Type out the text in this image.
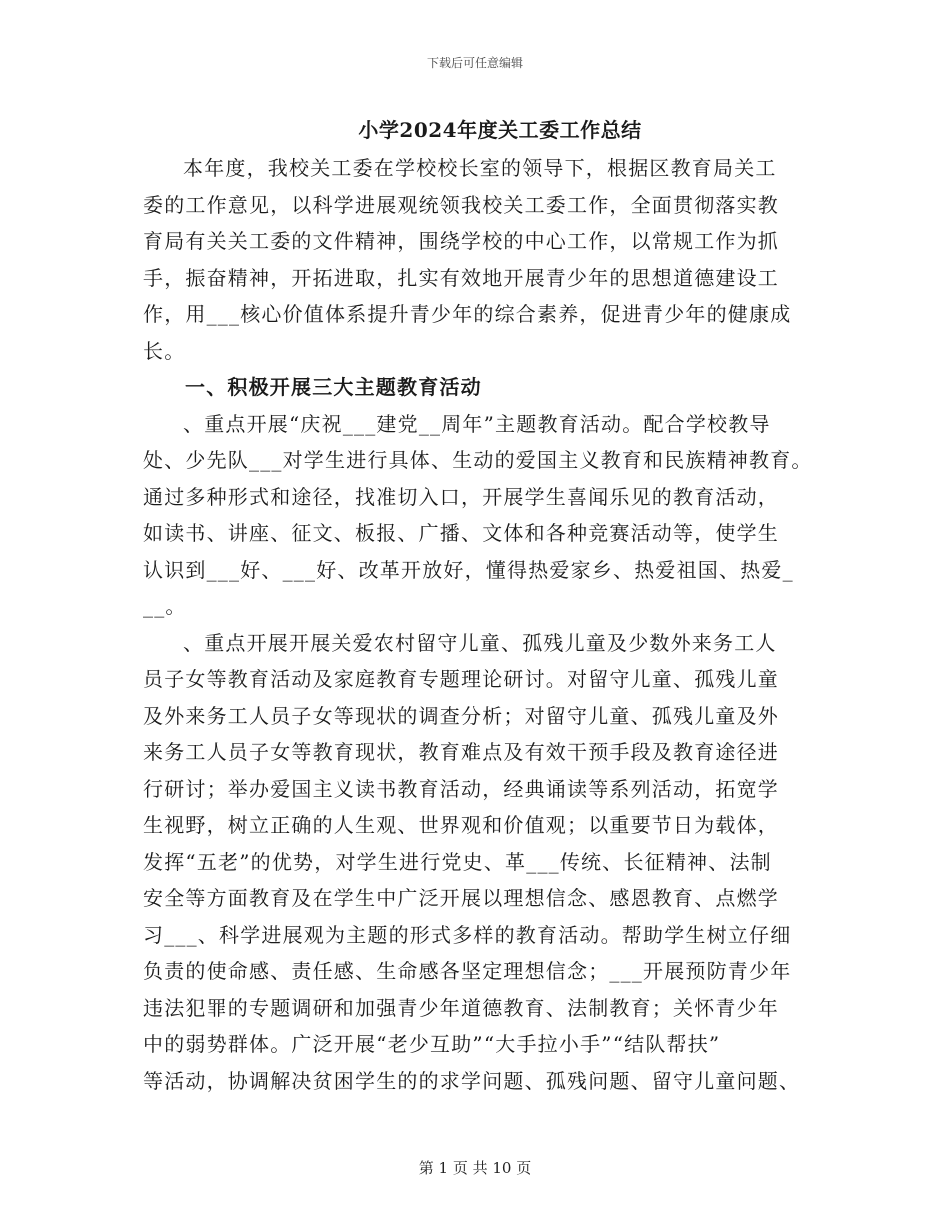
下载后可任意编辑
小学2024年度关工委工作总结
本年度，我校关工委在学校校长室的领导下，根据区教育局关工
委的工作意见，以科学进展观统领我校关工委工作，全面贯彻落实教
育局有关关工委的文件精神，围绕学校的中心工作，以常规工作为抓
手，振奋精神，开拓进取，扎实有效地开展青少年的思想道德建设工
作，用___核心价值体系提升青少年的综合素养，促进青少年的健康成
长。
一、积极开展三大主题教育活动
、重点开展“庆祝___建党__周年”主题教育活动。配合学校教导
处、少先队___对学生进行具体、生动的爱国主义教育和民族精神教育。
通过多种形式和途径，找准切入口，开展学生喜闻乐见的教育活动，
如读书、讲座、征文、板报、广播、文体和各种竞赛活动等，使学生
认识到___好、___好、改革开放好，懂得热爱家乡、热爱祖国、热爱_
__。
、重点开展开展关爱农村留守儿童、孤残儿童及少数外来务工人
员子女等教育活动及家庭教育专题理论研讨。对留守儿童、孤残儿童
及外来务工人员子女等现状的调查分析；对留守儿童、孤残儿童及外
来务工人员子女等教育现状，教育难点及有效干预手段及教育途径进
行研讨；举办爱国主义读书教育活动，经典诵读等系列活动，拓宽学
生视野，树立正确的人生观、世界观和价值观；以重要节日为载体，
发挥“五老”的优势，对学生进行党史、革___传统、长征精神、法制
安全等方面教育及在学生中广泛开展以理想信念、感恩教育、点燃学
习___、科学进展观为主题的形式多样的教育活动。帮助学生树立仔细
负责的使命感、责任感、生命感各坚定理想信念；___开展预防青少年
违法犯罪的专题调研和加强青少年道德教育、法制教育；关怀青少年
中的弱势群体。广泛开展“老少互助”“大手拉小手”“结队帮扶”
等活动，协调解决贫困学生的的求学问题、孤残问题、留守儿童问题、
第 1 页 共 10 页
